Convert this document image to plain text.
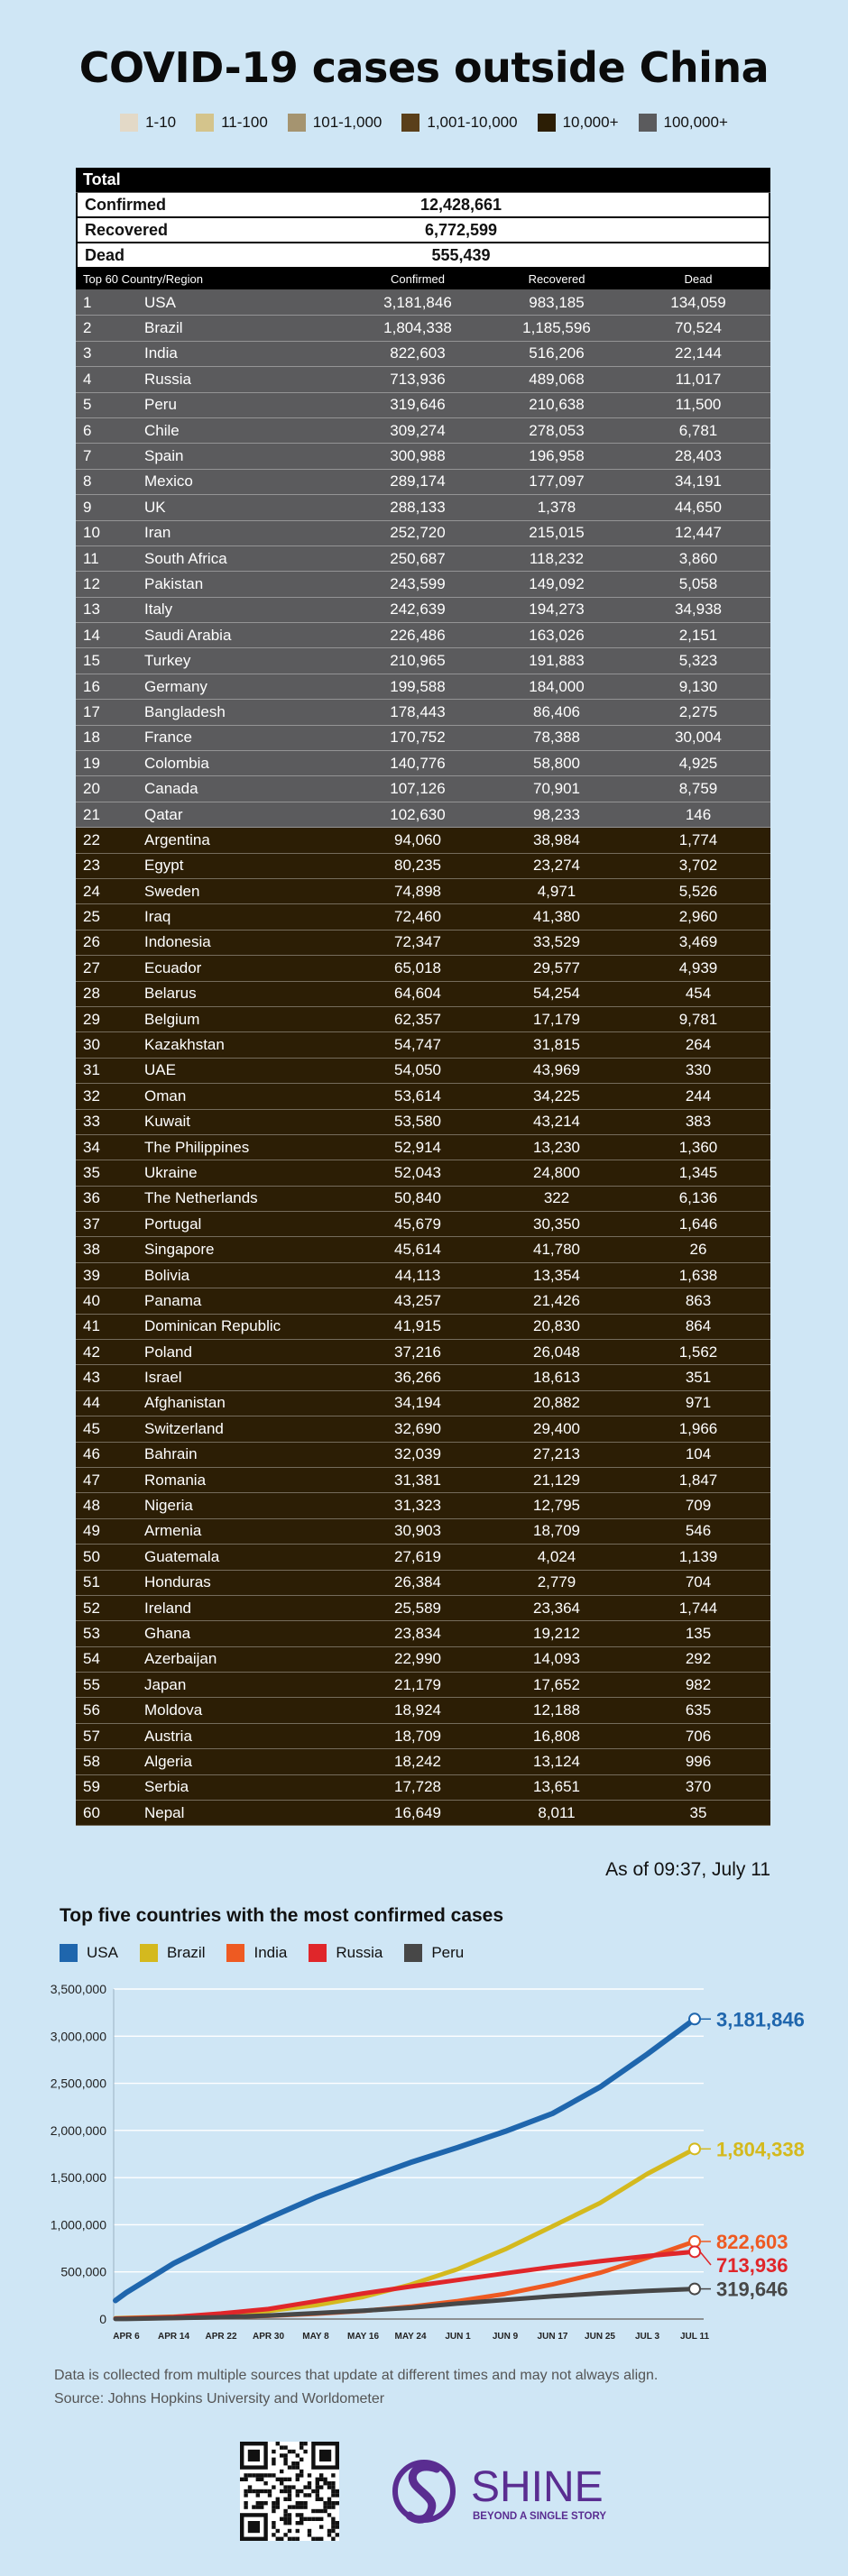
COVID-19 cases outside China
1-10	11-100	101-1,000	1,001-10,000	10,000+	100,000+
Total
Confirmed	12,428,661
Recovered	6,772,599
Dead	555,439
Top 60 Country/Region	Confirmed	Recovered	Dead
1	USA	3,181,846	983,185	134,059
2	Brazil	1,804,338	1,185,596	70,524
3	India	822,603	516,206	22,144
4	Russia	713,936	489,068	11,017
5	Peru	319,646	210,638	11,500
6	Chile	309,274	278,053	6,781
7	Spain	300,988	196,958	28,403
8	Mexico	289,174	177,097	34,191
9	UK	288,133	1,378	44,650
10	Iran	252,720	215,015	12,447
11	South Africa	250,687	118,232	3,860
12	Pakistan	243,599	149,092	5,058
13	Italy	242,639	194,273	34,938
14	Saudi Arabia	226,486	163,026	2,151
15	Turkey	210,965	191,883	5,323
16	Germany	199,588	184,000	9,130
17	Bangladesh	178,443	86,406	2,275
18	France	170,752	78,388	30,004
19	Colombia	140,776	58,800	4,925
20	Canada	107,126	70,901	8,759
21	Qatar	102,630	98,233	146
22	Argentina	94,060	38,984	1,774
23	Egypt	80,235	23,274	3,702
24	Sweden	74,898	4,971	5,526
25	Iraq	72,460	41,380	2,960
26	Indonesia	72,347	33,529	3,469
27	Ecuador	65,018	29,577	4,939
28	Belarus	64,604	54,254	454
29	Belgium	62,357	17,179	9,781
30	Kazakhstan	54,747	31,815	264
31	UAE	54,050	43,969	330
32	Oman	53,614	34,225	244
33	Kuwait	53,580	43,214	383
34	The Philippines	52,914	13,230	1,360
35	Ukraine	52,043	24,800	1,345
36	The Netherlands	50,840	322	6,136
37	Portugal	45,679	30,350	1,646
38	Singapore	45,614	41,780	26
39	Bolivia	44,113	13,354	1,638
40	Panama	43,257	21,426	863
41	Dominican Republic	41,915	20,830	864
42	Poland	37,216	26,048	1,562
43	Israel	36,266	18,613	351
44	Afghanistan	34,194	20,882	971
45	Switzerland	32,690	29,400	1,966
46	Bahrain	32,039	27,213	104
47	Romania	31,381	21,129	1,847
48	Nigeria	31,323	12,795	709
49	Armenia	30,903	18,709	546
50	Guatemala	27,619	4,024	1,139
51	Honduras	26,384	2,779	704
52	Ireland	25,589	23,364	1,744
53	Ghana	23,834	19,212	135
54	Azerbaijan	22,990	14,093	292
55	Japan	21,179	17,652	982
56	Moldova	18,924	12,188	635
57	Austria	18,709	16,808	706
58	Algeria	18,242	13,124	996
59	Serbia	17,728	13,651	370
60	Nepal	16,649	8,011	35
As of 09:37, July 11
Top five countries with the most confirmed cases
USA	Brazil	India	Russia	Peru
0
500,000
1,000,000
1,500,000
2,000,000
2,500,000
3,000,000
3,500,000
APR 6 APR 14 APR 22 APR 30 MAY 8 MAY 16 MAY 24 JUN 1 JUN 9 JUN 17 JUN 25 JUL 3 JUL 11
3,181,846
1,804,338
822,603
713,936
319,646
Data is collected from multiple sources that update at different times and may not always align.
Source: Johns Hopkins University and Worldometer
SHINE
BEYOND A SINGLE STORY
